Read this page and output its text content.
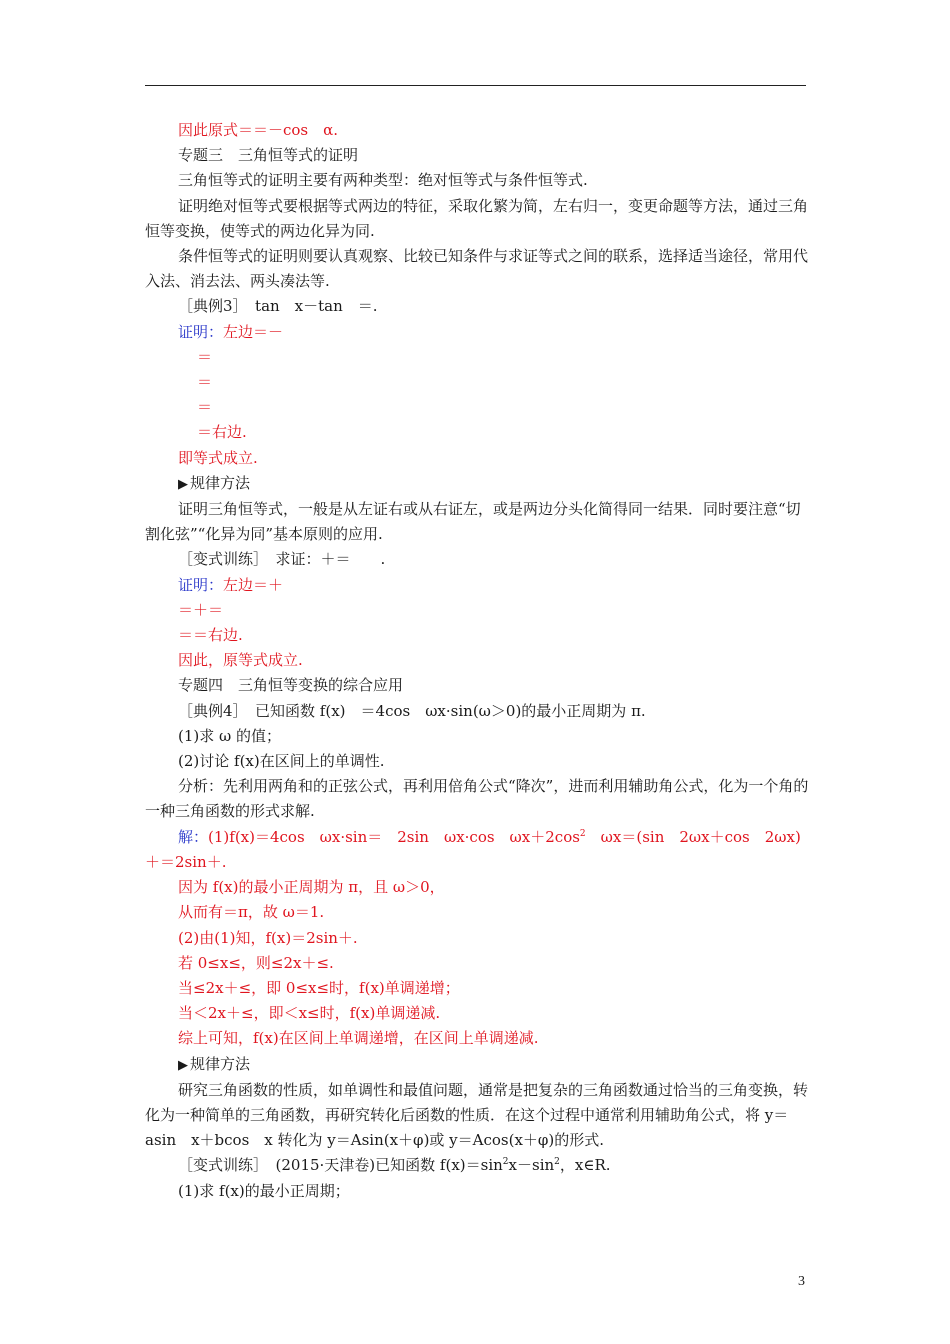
因此原式＝＝－cos　α.
专题三　三角恒等式的证明
三角恒等式的证明主要有两种类型：绝对恒等式与条件恒等式.
证明绝对恒等式要根据等式两边的特征，采取化繁为简，左右归一，变更命题等方法，通过三角恒等变换，使等式的两边化异为同.
条件恒等式的证明则要认真观察、比较已知条件与求证等式之间的联系，选择适当途径，常用代入法、消去法、两头凑法等.
［典例3］　tan　x－tan　＝.
证明：左边＝－
＝
＝
＝
＝右边.
即等式成立.
▶ 规律方法
证明三角恒等式，一般是从左证右或从右证左，或是两边分头化简得同一结果．同时要注意“切割化弦”“化异为同”基本原则的应用.
［变式训练］　求证：＋＝　　.
证明：左边＝＋
＝＋＝
＝＝右边.
因此，原等式成立.
专题四　三角恒等变换的综合应用
［典例4］　已知函数 f(x)　＝4cos　ωx·sin(ω＞0)的最小正周期为 π.
(1)求 ω 的值；
(2)讨论 f(x)在区间上的单调性.
分析：先利用两角和的正弦公式，再利用倍角公式“降次”，进而利用辅助角公式，化为一个角的一种三角函数的形式求解.
解：(1)f(x)＝4cos　ωx·sin＝　2sin　ωx·cos　$\omega x+2\cos^2$　ωx＝(sin　2ωx＋cos　2ωx)＋＝2sin＋.
因为 f(x)的最小正周期为 π，且 ω＞0，
从而有＝π，故 ω＝1.
(2)由(1)知，f(x)＝2sin＋.
若 0≤x≤，则≤2x＋≤.
当≤2x＋≤，即 0≤x≤时，f(x)单调递增；
当＜2x＋≤，即＜x≤时，f(x)单调递减.
综上可知，f(x)在区间上单调递增，在区间上单调递减.
▶ 规律方法
研究三角函数的性质，如单调性和最值问题，通常是把复杂的三角函数通过恰当的三角变换，转化为一种简单的三角函数，再研究转化后函数的性质．在这个过程中通常利用辅助角公式，将 y＝asin　x＋bcos　x 转化为 y＝Asin(x＋φ)或 y＝Acos(x＋φ)的形式.
［变式训练］　(2015·天津卷)已知函数 $f(x)=\sin^2x-\sin^2$，x∈R.
(1)求 f(x)的最小正周期；
3
